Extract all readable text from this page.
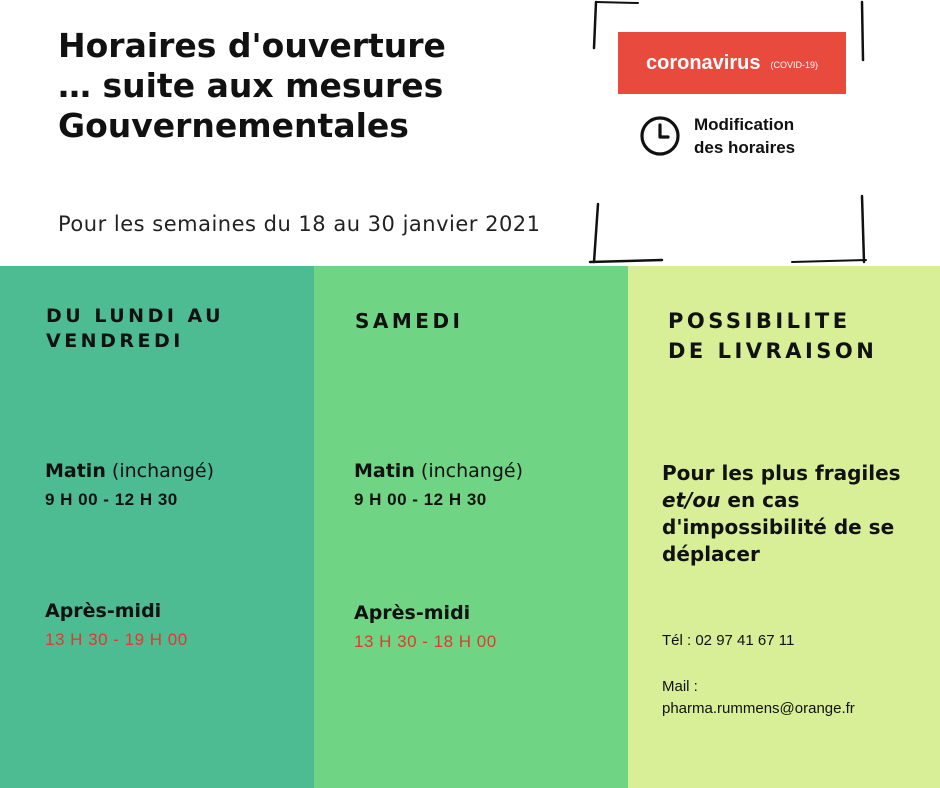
Horaires d'ouverture
… suite aux mesures
Gouvernementales
Pour les semaines du 18 au 30 janvier 2021
coronavirus (COVID-19)
Modification
des horaires
DU LUNDI AU
VENDREDI
Matin (inchangé)
9 H 00 - 12 H 30
Après-midi
13 H 30 - 19 H 00
SAMEDI
Matin (inchangé)
9 H 00 - 12 H 30
Après-midi
13 H 30 - 18 H 00
POSSIBILITE
DE LIVRAISON
Pour les plus fragiles et/ou en cas d'impossibilité de se déplacer
Tél : 02 97 41 67 11
Mail :
pharma.rummens@orange.fr
